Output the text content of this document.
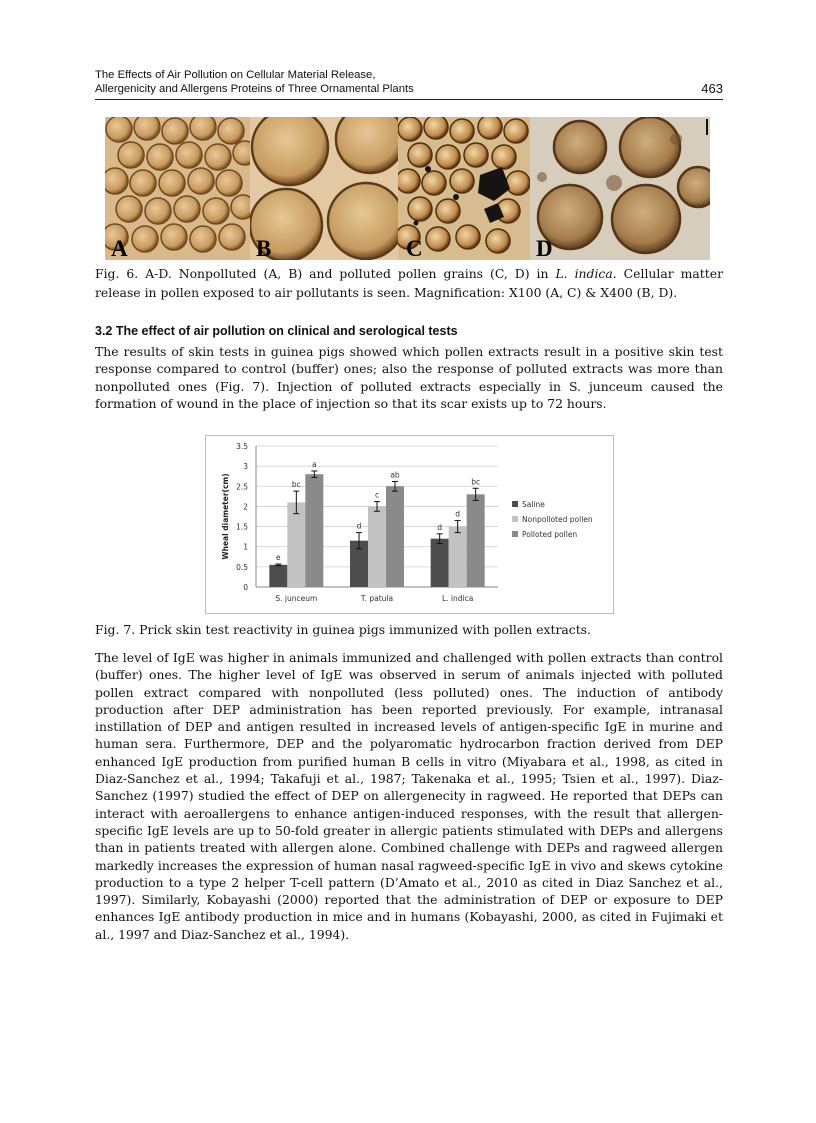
The Effects of Air Pollution on Cellular Material Release,
Allergenicity and Allergens Proteins of Three Ornamental Plants	463
A	B	C	D

Fig. 6. A-D. Nonpolluted (A, B) and polluted pollen grains (C, D) in L. indica. Cellular matter release in pollen exposed to air pollutants is seen. Magnification: X100 (A, C) & X400 (B, D).

3.2 The effect of air pollution on clinical and serological tests

The results of skin tests in guinea pigs showed which pollen extracts result in a positive skin test response compared to control (buffer) ones; also the response of polluted extracts was more than nonpolluted ones (Fig. 7). Injection of polluted extracts especially in S. junceum caused the formation of wound in the place of injection so that its scar exists up to 72 hours.

0
0.5
1
1.5
2
2.5
3
3.5
Wheal diameter(cm)	e
bc
a
S. junceum
d
c
ab
T. patula
d
d
bc
L. indica
Saline
Nonpolloted pollen
Polloted pollen

Fig. 7. Prick skin test reactivity in guinea pigs immunized with pollen extracts.

The level of IgE was higher in animals immunized and challenged with pollen extracts than control (buffer) ones. The higher level of IgE was observed in serum of animals injected with polluted pollen extract compared with nonpolluted (less polluted) ones. The induction of antibody production after DEP administration has been reported previously. For example, intranasal instillation of DEP and antigen resulted in increased levels of antigen-specific IgE in murine and human sera. Furthermore, DEP and the polyaromatic hydrocarbon fraction derived from DEP enhanced IgE production from purified human B cells in vitro (Miyabara et al., 1998, as cited in Diaz-Sanchez et al., 1994; Takafuji et al., 1987; Takenaka et al., 1995; Tsien et al., 1997). Diaz-Sanchez (1997) studied the effect of DEP on allergenecity in ragweed. He reported that DEPs can interact with aeroallergens to enhance antigen-induced responses, with the result that allergen-specific IgE levels are up to 50-fold greater in allergic patients stimulated with DEPs and allergens than in patients treated with allergen alone. Combined challenge with DEPs and ragweed allergen markedly increases the expression of human nasal ragweed-specific IgE in vivo and skews cytokine production to a type 2 helper T-cell pattern (D’Amato et al., 2010 as cited in Diaz Sanchez et al., 1997). Similarly, Kobayashi (2000) reported that the administration of DEP or exposure to DEP enhances IgE antibody production in mice and in humans (Kobayashi, 2000, as cited in Fujimaki et al., 1997 and Diaz-Sanchez et al., 1994).
